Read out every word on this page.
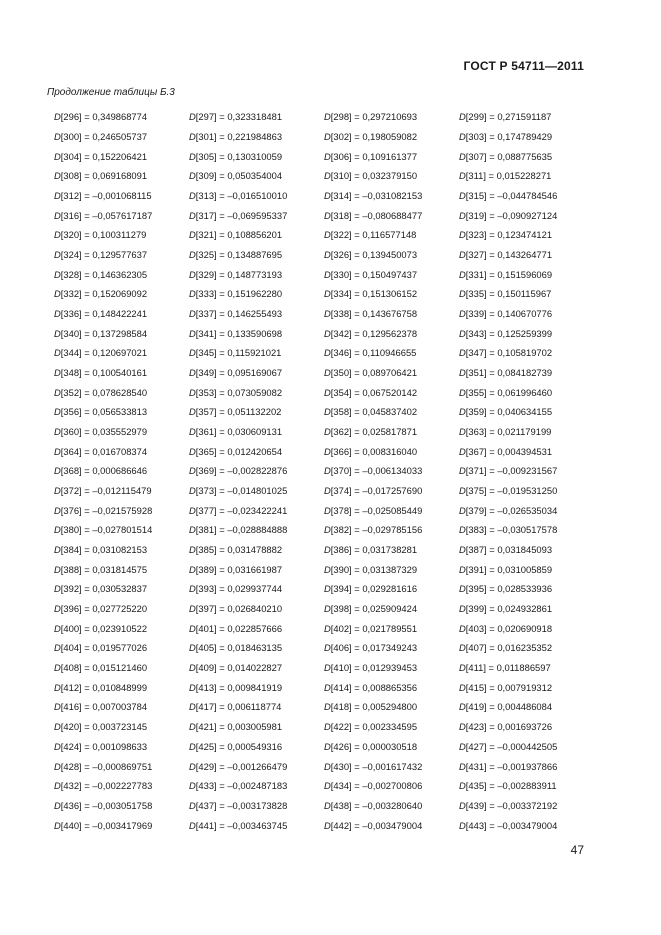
ГОСТ Р 54711—2011
Продолжение таблицы Б.3
D[296] = 0,349868774	D[297] = 0,323318481	D[298] = 0,297210693	D[299] = 0,271591187
D[300] = 0,246505737	D[301] = 0,221984863	D[302] = 0,198059082	D[303] = 0,174789429
D[304] = 0,152206421	D[305] = 0,130310059	D[306] = 0,109161377	D[307] = 0,088775635
D[308] = 0,069168091	D[309] = 0,050354004	D[310] = 0,032379150	D[311] = 0,015228271
D[312] = –0,001068115	D[313] = –0,016510010	D[314] = –0,031082153	D[315] = –0,044784546
D[316] = –0,057617187	D[317] = –0,069595337	D[318] = –0,080688477	D[319] = –0,090927124
D[320] = 0,100311279	D[321] = 0,108856201	D[322] = 0,116577148	D[323] = 0,123474121
D[324] = 0,129577637	D[325] = 0,134887695	D[326] = 0,139450073	D[327] = 0,143264771
D[328] = 0,146362305	D[329] = 0,148773193	D[330] = 0,150497437	D[331] = 0,151596069
D[332] = 0,152069092	D[333] = 0,151962280	D[334] = 0,151306152	D[335] = 0,150115967
D[336] = 0,148422241	D[337] = 0,146255493	D[338] = 0,143676758	D[339] = 0,140670776
D[340] = 0,137298584	D[341] = 0,133590698	D[342] = 0,129562378	D[343] = 0,125259399
D[344] = 0,120697021	D[345] = 0,115921021	D[346] = 0,110946655	D[347] = 0,105819702
D[348] = 0,100540161	D[349] = 0,095169067	D[350] = 0,089706421	D[351] = 0,084182739
D[352] = 0,078628540	D[353] = 0,073059082	D[354] = 0,067520142	D[355] = 0,061996460
D[356] = 0,056533813	D[357] = 0,051132202	D[358] = 0,045837402	D[359] = 0,040634155
D[360] = 0,035552979	D[361] = 0,030609131	D[362] = 0,025817871	D[363] = 0,021179199
D[364] = 0,016708374	D[365] = 0,012420654	D[366] = 0,008316040	D[367] = 0,004394531
D[368] = 0,000686646	D[369] = –0,002822876	D[370] = –0,006134033	D[371] = –0,009231567
D[372] = –0,012115479	D[373] = –0,014801025	D[374] = –0,017257690	D[375] = –0,019531250
D[376] = –0,021575928	D[377] = –0,023422241	D[378] = –0,025085449	D[379] = –0,026535034
D[380] = –0,027801514	D[381] = –0,028884888	D[382] = –0,029785156	D[383] = –0,030517578
D[384] = 0,031082153	D[385] = 0,031478882	D[386] = 0,031738281	D[387] = 0,031845093
D[388] = 0,031814575	D[389] = 0,031661987	D[390] = 0,031387329	D[391] = 0,031005859
D[392] = 0,030532837	D[393] = 0,029937744	D[394] = 0,029281616	D[395] = 0,028533936
D[396] = 0,027725220	D[397] = 0,026840210	D[398] = 0,025909424	D[399] = 0,024932861
D[400] = 0,023910522	D[401] = 0,022857666	D[402] = 0,021789551	D[403] = 0,020690918
D[404] = 0,019577026	D[405] = 0,018463135	D[406] = 0,017349243	D[407] = 0,016235352
D[408] = 0,015121460	D[409] = 0,014022827	D[410] = 0,012939453	D[411] = 0,011886597
D[412] = 0,010848999	D[413] = 0,009841919	D[414] = 0,008865356	D[415] = 0,007919312
D[416] = 0,007003784	D[417] = 0,006118774	D[418] = 0,005294800	D[419] = 0,004486084
D[420] = 0,003723145	D[421] = 0,003005981	D[422] = 0,002334595	D[423] = 0,001693726
D[424] = 0,001098633	D[425] = 0,000549316	D[426] = 0,000030518	D[427] = –0,000442505
D[428] = –0,000869751	D[429] = –0,001266479	D[430] = –0,001617432	D[431] = –0,001937866
D[432] = –0,002227783	D[433] = –0,002487183	D[434] = –0,002700806	D[435] = –0,002883911
D[436] = –0,003051758	D[437] = –0,003173828	D[438] = –0,003280640	D[439] = –0,003372192
D[440] = –0,003417969	D[441] = –0,003463745	D[442] = –0,003479004	D[443] = –0,003479004
47
